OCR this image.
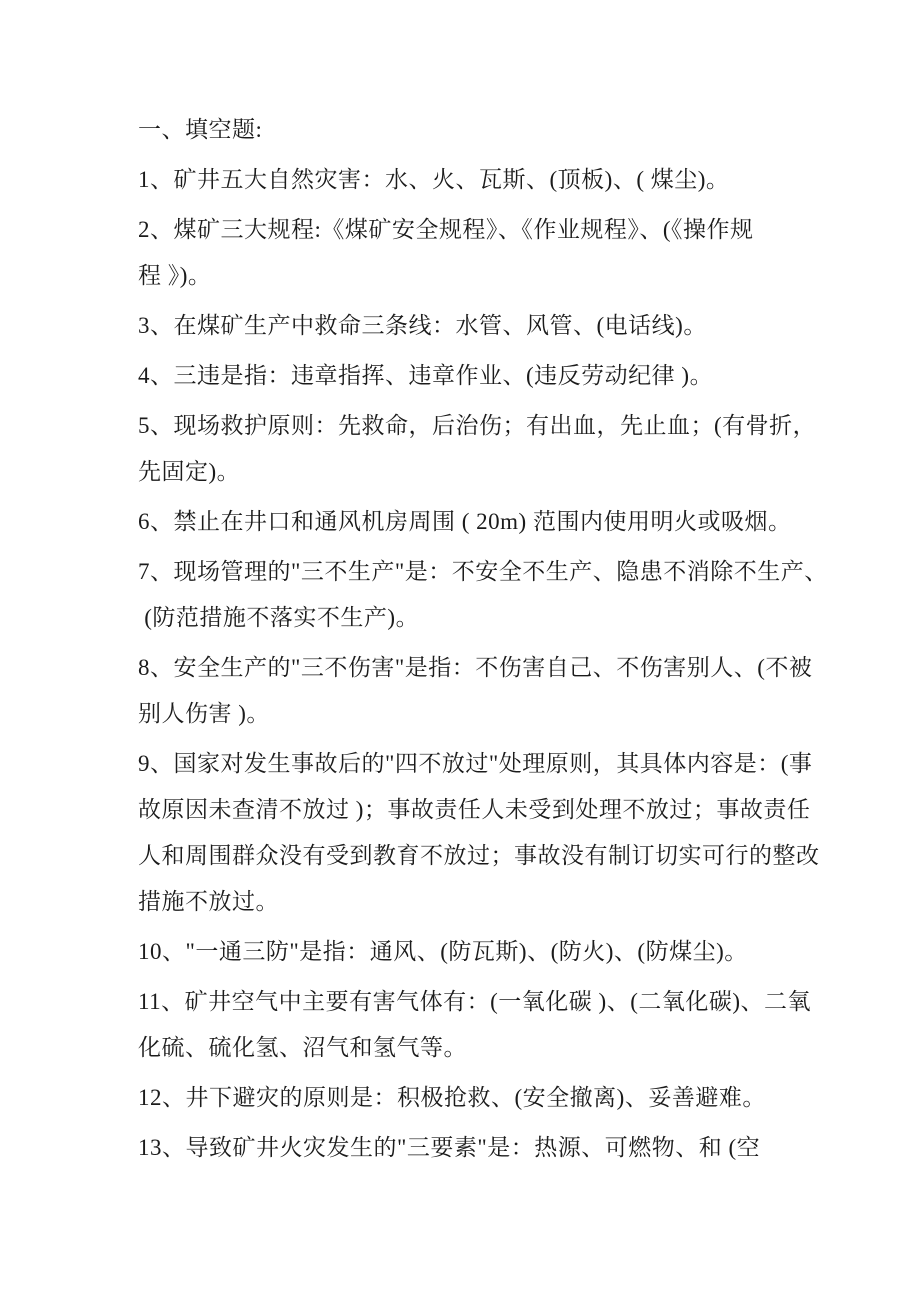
一、填空题:
1、矿井五大自然灾害：水、火、瓦斯、(顶板)、( 煤尘)。
2、煤矿三大规程:《煤矿安全规程》、《作业规程》、(《操作规
程 》)。
3、在煤矿生产中救命三条线：水管、风管、(电话线)。
4、三违是指：违章指挥、违章作业、(违反劳动纪律 )。
5、现场救护原则：先救命，后治伤；有出血，先止血；(有骨折，
先固定)。
6、禁止在井口和通风机房周围 ( 20m) 范围内使用明火或吸烟。
7、现场管理的"三不生产"是：不安全不生产、隐患不消除不生产、
(防范措施不落实不生产)。
8、安全生产的"三不伤害"是指：不伤害自己、不伤害别人、(不被
别人伤害 )。
9、国家对发生事故后的"四不放过"处理原则，其具体内容是：(事
故原因未查清不放过 )；事故责任人未受到处理不放过；事故责任
人和周围群众没有受到教育不放过；事故没有制订切实可行的整改
措施不放过。
10、"一通三防"是指：通风、(防瓦斯)、(防火)、(防煤尘)。
11、矿井空气中主要有害气体有：(一氧化碳 )、(二氧化碳)、二氧
化硫、硫化氢、沼气和氢气等。
12、井下避灾的原则是：积极抢救、(安全撤离)、妥善避难。
13、导致矿井火灾发生的"三要素"是：热源、可燃物、和 (空
